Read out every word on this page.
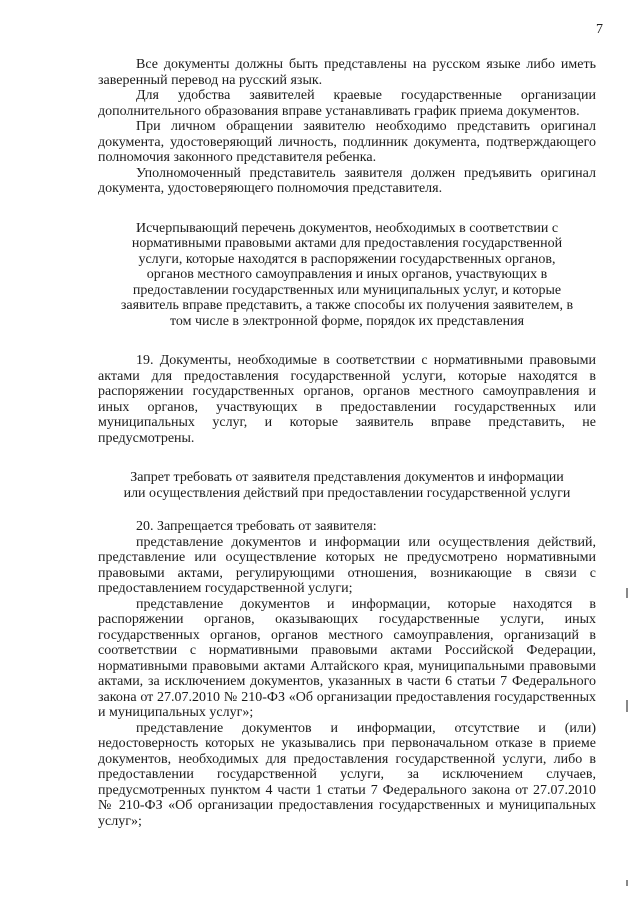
7

Все документы должны быть представлены на русском языке либо иметь заверенный перевод на русский язык.

Для удобства заявителей краевые государственные организации дополнительного образования вправе устанавливать график приема документов.

При личном обращении заявителю необходимо представить оригинал документа, удостоверяющий личность, подлинник документа, подтверждающего полномочия законного представителя ребенка.

Уполномоченный представитель заявителя должен предъявить оригинал документа, удостоверяющего полномочия представителя.

Исчерпывающий перечень документов, необходимых в соответствии с нормативными правовыми актами для предоставления государственной услуги, которые находятся в распоряжении государственных органов, органов местного самоуправления и иных органов, участвующих в предоставлении государственных или муниципальных услуг, и которые заявитель вправе представить, а также способы их получения заявителем, в том числе в электронной форме, порядок их представления

19. Документы, необходимые в соответствии с нормативными правовыми актами для предоставления государственной услуги, которые находятся в распоряжении государственных органов, органов местного самоуправления и иных органов, участвующих в предоставлении государственных или муниципальных услуг, и которые заявитель вправе представить, не предусмотрены.

Запрет требовать от заявителя представления документов и информации или осуществления действий при предоставлении государственной услуги

20. Запрещается требовать от заявителя:

представление документов и информации или осуществления действий, представление или осуществление которых не предусмотрено нормативными правовыми актами, регулирующими отношения, возникающие в связи с предоставлением государственной услуги;

представление документов и информации, которые находятся в распоряжении органов, оказывающих государственные услуги, иных государственных органов, органов местного самоуправления, организаций в соответствии с нормативными правовыми актами Российской Федерации, нормативными правовыми актами Алтайского края, муниципальными правовыми актами, за исключением документов, указанных в части 6 статьи 7 Федерального закона от 27.07.2010 № 210-ФЗ «Об организации предоставления государственных и муниципальных услуг»;

представление документов и информации, отсутствие и (или) недостоверность которых не указывались при первоначальном отказе в приеме документов, необходимых для предоставления государственной услуги, либо в предоставлении государственной услуги, за исключением случаев, предусмотренных пунктом 4 части 1 статьи 7 Федерального закона от 27.07.2010 № 210-ФЗ «Об организации предоставления государственных и муниципальных услуг»;
